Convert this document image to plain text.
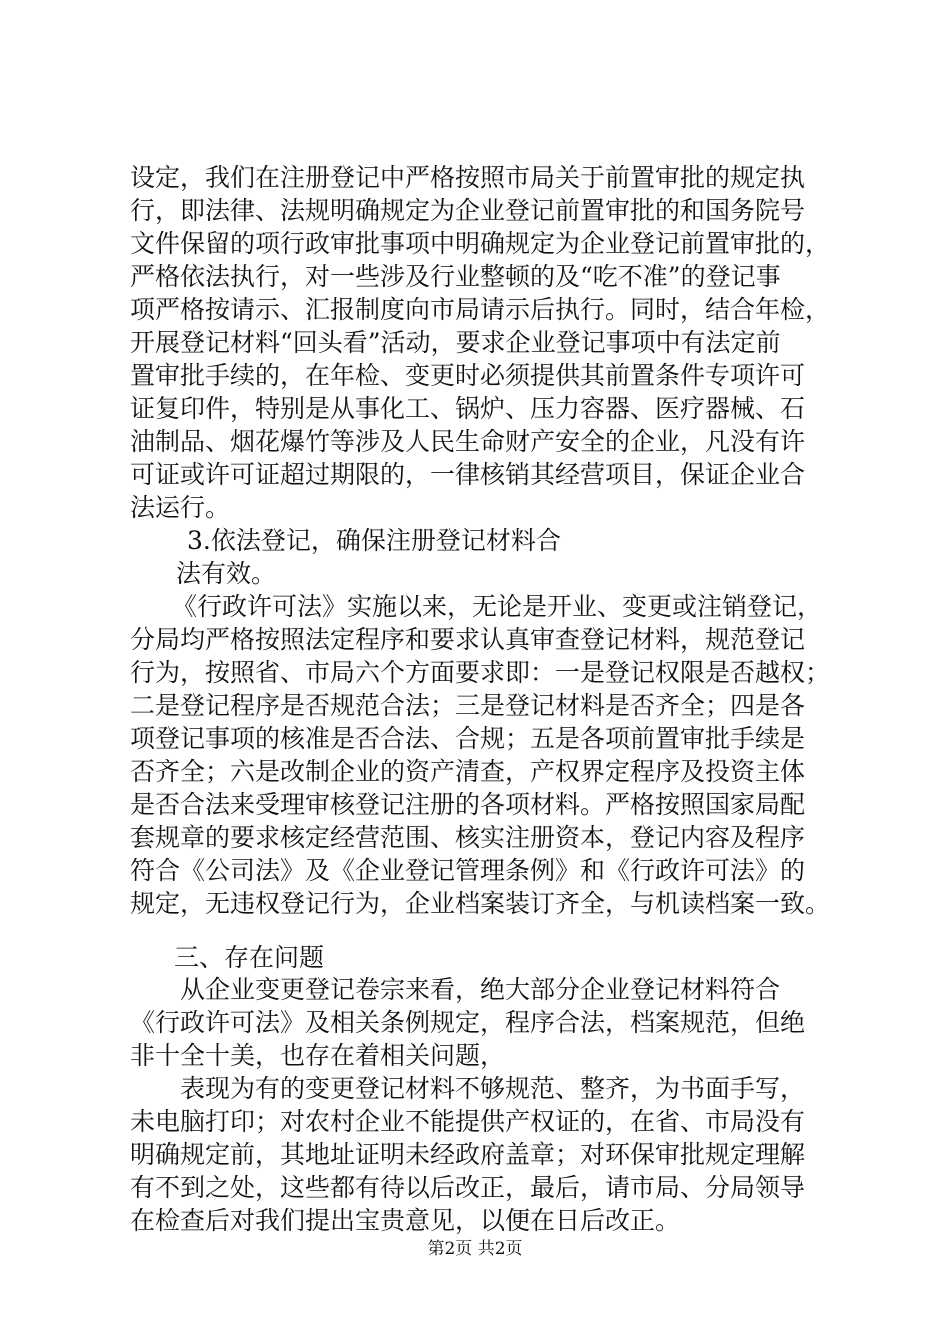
设定，我们在注册登记中严格按照市局关于前置审批的规定执
行，即法律、法规明确规定为企业登记前置审批的和国务院号
文件保留的项行政审批事项中明确规定为企业登记前置审批的，
严格依法执行，对一些涉及行业整顿的及“吃不准”的登记事
项严格按请示、汇报制度向市局请示后执行。同时，结合年检，
开展登记材料“回头看”活动，要求企业登记事项中有法定前
置审批手续的，在年检、变更时必须提供其前置条件专项许可
证复印件，特别是从事化工、锅炉、压力容器、医疗器械、石
油制品、烟花爆竹等涉及人民生命财产安全的企业，凡没有许
可证或许可证超过期限的，一律核销其经营项目，保证企业合
法运行。
3.依法登记，确保注册登记材料合
法有效。
《行政许可法》实施以来，无论是开业、变更或注销登记，
分局均严格按照法定程序和要求认真审查登记材料，规范登记
行为，按照省、市局六个方面要求即：一是登记权限是否越权；
二是登记程序是否规范合法；三是登记材料是否齐全；四是各
项登记事项的核准是否合法、合规；五是各项前置审批手续是
否齐全；六是改制企业的资产清查，产权界定程序及投资主体
是否合法来受理审核登记注册的各项材料。严格按照国家局配
套规章的要求核定经营范围、核实注册资本，登记内容及程序
符合《公司法》及《企业登记管理条例》和《行政许可法》的
规定，无违权登记行为，企业档案装订齐全，与机读档案一致。
三、存在问题
从企业变更登记卷宗来看，绝大部分企业登记材料符合
《行政许可法》及相关条例规定，程序合法，档案规范，但绝
非十全十美，也存在着相关问题，
表现为有的变更登记材料不够规范、整齐，为书面手写，
未电脑打印；对农村企业不能提供产权证的，在省、市局没有
明确规定前，其地址证明未经政府盖章；对环保审批规定理解
有不到之处，这些都有待以后改正，最后，请市局、分局领导
在检查后对我们提出宝贵意见，以便在日后改正。
第2页 共2页
